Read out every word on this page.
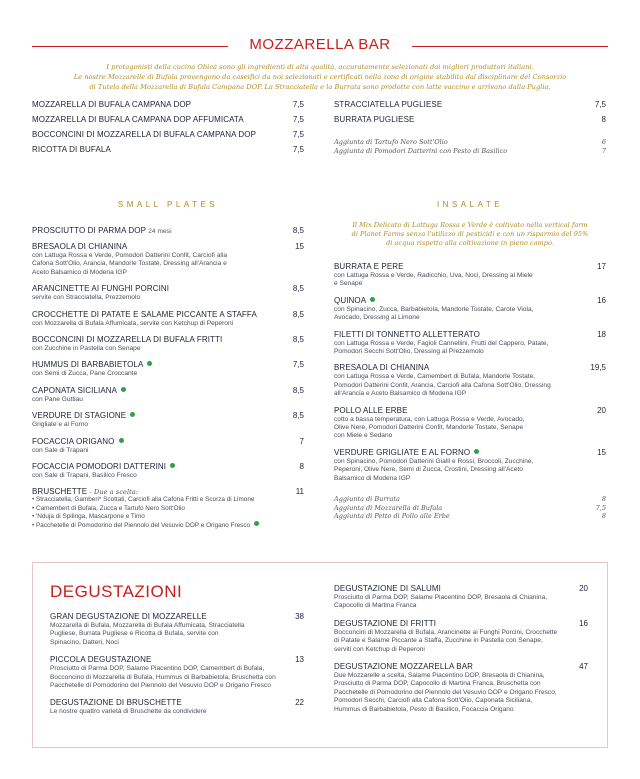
MOZZARELLA BAR
I protagonisti della cucina Obicà sono gli ingredienti di alta qualità, accuratamente selezionati dai migliori produttori italiani.
Le nostre Mozzarelle di Bufala provengono da caseifici da noi selezionati e certificati nella zona di origine stabilita dal disciplinare del Consorzio
di Tutela della Mozzarella di Bufala Campana DOP. La Stracciatella e la Burrata sono prodotte con latte vaccino e arrivano dalla Puglia.
MOZZARELLA DI BUFALA CAMPANA DOP	7,5
MOZZARELLA DI BUFALA CAMPANA DOP AFFUMICATA	7,5
BOCCONCINI DI MOZZARELLA DI BUFALA CAMPANA DOP	7,5
RICOTTA DI BUFALA	7,5
STRACCIATELLA PUGLIESE	7,5
BURRATA PUGLIESE	8
Aggiunta di Tartufo Nero Sott'Olio	6
Aggiunta di Pomodori Datterini con Pesto di Basilico	7
SMALL PLATES
PROSCIUTTO DI PARMA DOP 24 mesi	8,5
BRESAOLA DI CHIANINA	15
con Lattuga Rossa e Verde, Pomodori Datterini Confit, Carciofi alla Cafona Sott'Olio, Arancia, Mandorle Tostate, Dressing all'Arancia e Aceto Balsamico di Modena IGP
ARANCINETTE AI FUNGHI PORCINI	8,5
servite con Stracciatella, Prezzemolo
CROCCHETTE DI PATATE E SALAME PICCANTE A STAFFA	8,5
con Mozzarella di Bufala Affumicata, servite con Ketchup di Peperoni
BOCCONCINI DI MOZZARELLA DI BUFALA FRITTI	8,5
con Zucchine in Pastella con Senape
HUMMUS DI BARBABIETOLA	7,5
con Semi di Zucca, Pane Croccante
CAPONATA SICILIANA	8,5
con Pane Guttiau
VERDURE DI STAGIONE	8,5
Grigliate e al Forno
FOCACCIA ORIGANO	7
con Sale di Trapani
FOCACCIA POMODORI DATTERINI	8
con Sale di Trapani, Basilico Fresco
BRUSCHETTE - Due a scelta:	11
• Stracciatella, Gamberi* Scottati, Carciofi alla Cafona Fritti e Scorza di Limone
• Camembert di Bufala, Zucca e Tartufo Nero Sott'Olio
• 'Nduja di Spilinga, Mascarpone e Timo
• Pacchetelle di Pomodorino del Piennolo del Vesuvio DOP e Origano Fresco
INSALATE
Il Mix Delicato di Lattuga Rossa e Verde è coltivato nella vertical farm
di Planet Farms senza l'utilizzo di pesticidi e con un risparmio del 95%
di acqua rispetto alla coltivazione in pieno campo.
BURRATA E PERE	17
con Lattuga Rossa e Verde, Radicchio, Uva, Noci, Dressing al Miele e Senape
QUINOA	16
con Spinacino, Zucca, Barbabietola, Mandorle Tostate, Carote Viola, Avocado, Dressing al Limone
FILETTI DI TONNETTO ALLETTERATO	18
con Lattuga Rossa e Verde, Fagioli Cannellini, Frutti del Cappero, Patate, Pomodori Secchi Sott'Olio, Dressing al Prezzemolo
BRESAOLA DI CHIANINA	19,5
con Lattuga Rossa e Verde, Camembert di Bufala, Mandorle Tostate, Pomodori Datterini Confit, Arancia, Carciofi alla Cafona Sott'Olio, Dressing all'Arancia e Aceto Balsamico di Modena IGP
POLLO ALLE ERBE	20
cotto a bassa temperatura, con Lattuga Rossa e Verde, Avocado, Olive Nere, Pomodori Datterini Confit, Mandorle Tostate, Senape con Miele e Sedano
VERDURE GRIGLIATE E AL FORNO	15
con Spinacino, Pomodori Datterini Gialli e Rossi, Broccoli, Zucchine, Peperoni, Olive Nere, Semi di Zucca, Crostini, Dressing all'Aceto Balsamico di Modena IGP
Aggiunta di Burrata	8
Aggiunta di Mozzarella di Bufala	7,5
Aggiunta di Petto di Pollo alle Erbe	8
DEGUSTAZIONI
GRAN DEGUSTAZIONE DI MOZZARELLE	38
Mozzarella di Bufala, Mozzarella di Bufala Affumicata, Stracciatella Pugliese, Burrata Pugliese e Ricotta di Bufala, servite con Spinacino, Datteri, Noci
PICCOLA DEGUSTAZIONE	13
Prosciutto di Parma DOP, Salame Piacentino DOP, Camembert di Bufala, Bocconcino di Mozzarella di Bufala, Hummus di Barbabietola, Bruschetta con Pacchetelle di Pomodorino del Piennolo del Vesuvio DOP e Origano Fresco
DEGUSTAZIONE DI BRUSCHETTE	22
Le nostre quattro varietà di Bruschette da condividere
DEGUSTAZIONE DI SALUMI	20
Prosciutto di Parma DOP, Salame Piacentino DOP, Bresaola di Chianina, Capocollo di Martina Franca
DEGUSTAZIONE DI FRITTI	16
Bocconcini di Mozzarella di Bufala, Arancinette ai Funghi Porcini, Crocchette di Patate e Salame Piccante a Staffa, Zucchine in Pastella con Senape, serviti con Ketchup di Peperoni
DEGUSTAZIONE MOZZARELLA BAR	47
Due Mozzarelle a scelta, Salame Piacentino DOP, Bresaola di Chianina, Prosciutto di Parma DOP, Capocollo di Martina Franca, Bruschetta con Pacchetelle di Pomodorino del Piennolo del Vesuvio DOP e Origano Fresco, Pomodori Secchi, Carciofi alla Cafona Sott'Olio, Caponata Siciliana, Hummus di Barbabietola, Pesto di Basilico, Focaccia Origano
